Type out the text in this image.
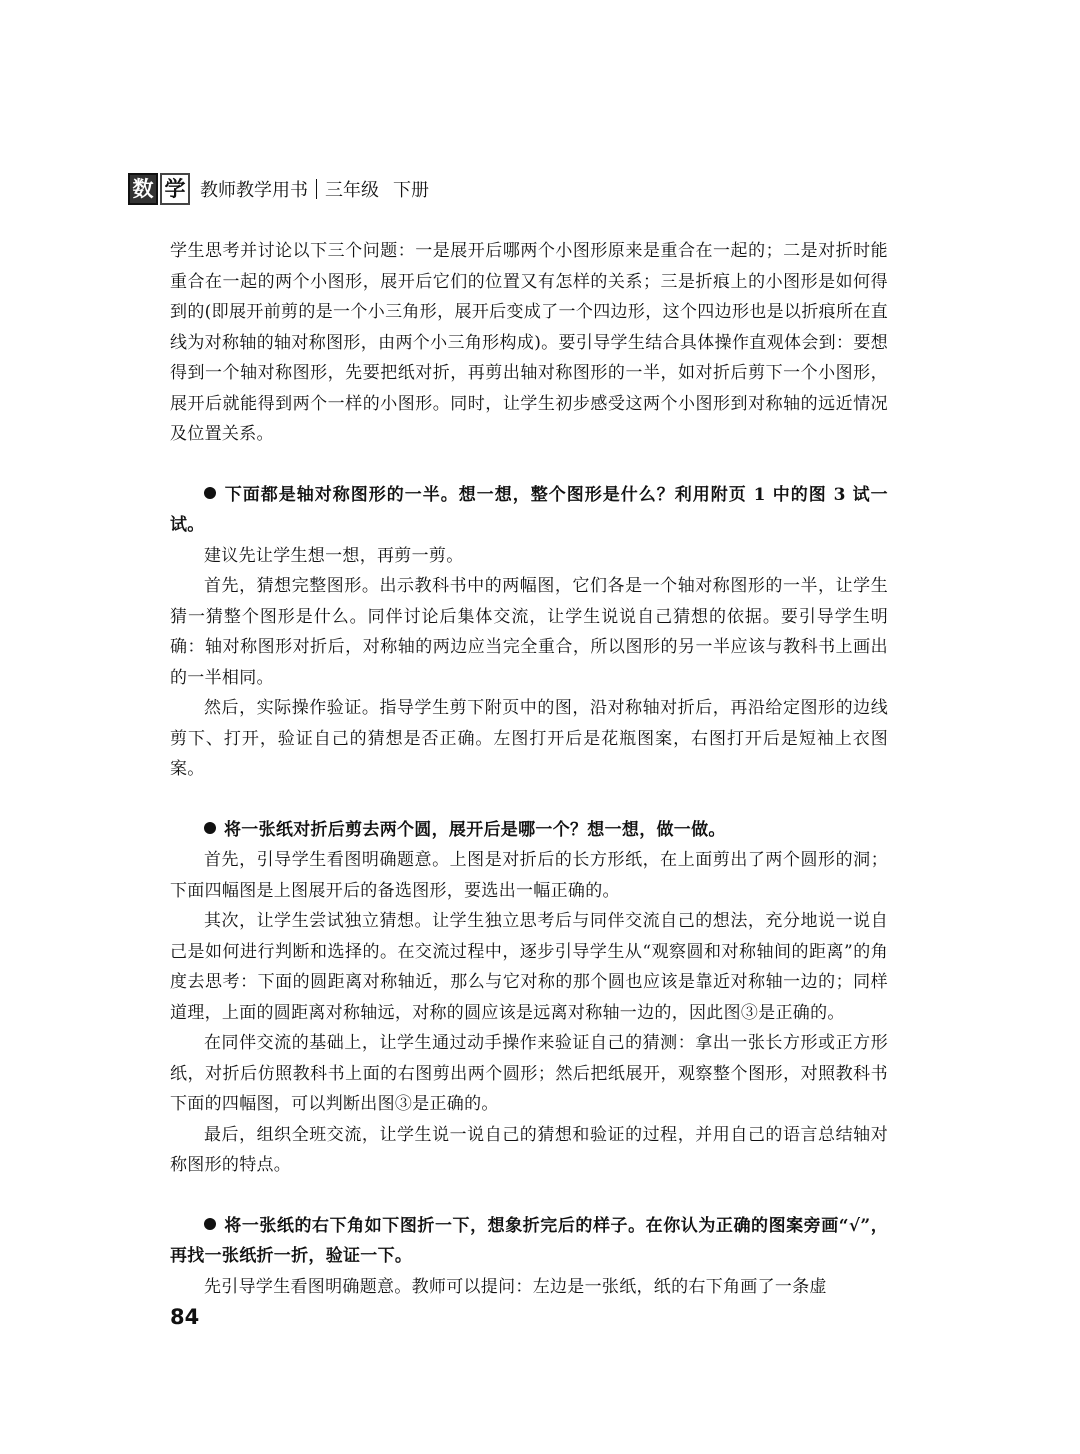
数 学 教师教学用书 三年级 下册

学生思考并讨论以下三个问题：一是展开后哪两个小图形原来是重合在一起的；二是对折时能重合在一起的两个小图形，展开后它们的位置又有怎样的关系；三是折痕上的小图形是如何得到的(即展开前剪的是一个小三角形，展开后变成了一个四边形，这个四边形也是以折痕所在直线为对称轴的轴对称图形，由两个小三角形构成)。要引导学生结合具体操作直观体会到：要想得到一个轴对称图形，先要把纸对折，再剪出轴对称图形的一半，如对折后剪下一个小图形，展开后就能得到两个一样的小图形。同时，让学生初步感受这两个小图形到对称轴的远近情况及位置关系。

下面都是轴对称图形的一半。想一想，整个图形是什么？利用附页 1 中的图 3 试一试。

建议先让学生想一想，再剪一剪。

首先，猜想完整图形。出示教科书中的两幅图，它们各是一个轴对称图形的一半，让学生猜一猜整个图形是什么。同伴讨论后集体交流，让学生说说自己猜想的依据。要引导学生明确：轴对称图形对折后，对称轴的两边应当完全重合，所以图形的另一半应该与教科书上画出的一半相同。

然后，实际操作验证。指导学生剪下附页中的图，沿对称轴对折后，再沿给定图形的边线剪下、打开，验证自己的猜想是否正确。左图打开后是花瓶图案，右图打开后是短袖上衣图案。

将一张纸对折后剪去两个圆，展开后是哪一个？想一想，做一做。

首先，引导学生看图明确题意。上图是对折后的长方形纸，在上面剪出了两个圆形的洞；下面四幅图是上图展开后的备选图形，要选出一幅正确的。

其次，让学生尝试独立猜想。让学生独立思考后与同伴交流自己的想法，充分地说一说自己是如何进行判断和选择的。在交流过程中，逐步引导学生从“观察圆和对称轴间的距离”的角度去思考：下面的圆距离对称轴近，那么与它对称的那个圆也应该是靠近对称轴一边的；同样道理，上面的圆距离对称轴远，对称的圆应该是远离对称轴一边的，因此图③是正确的。

在同伴交流的基础上，让学生通过动手操作来验证自己的猜测：拿出一张长方形或正方形纸，对折后仿照教科书上面的右图剪出两个圆形；然后把纸展开，观察整个图形，对照教科书下面的四幅图，可以判断出图③是正确的。

最后，组织全班交流，让学生说一说自己的猜想和验证的过程，并用自己的语言总结轴对称图形的特点。

将一张纸的右下角如下图折一下，想象折完后的样子。在你认为正确的图案旁画“√”，再找一张纸折一折，验证一下。

先引导学生看图明确题意。教师可以提问：左边是一张纸，纸的右下角画了一条虚

84
